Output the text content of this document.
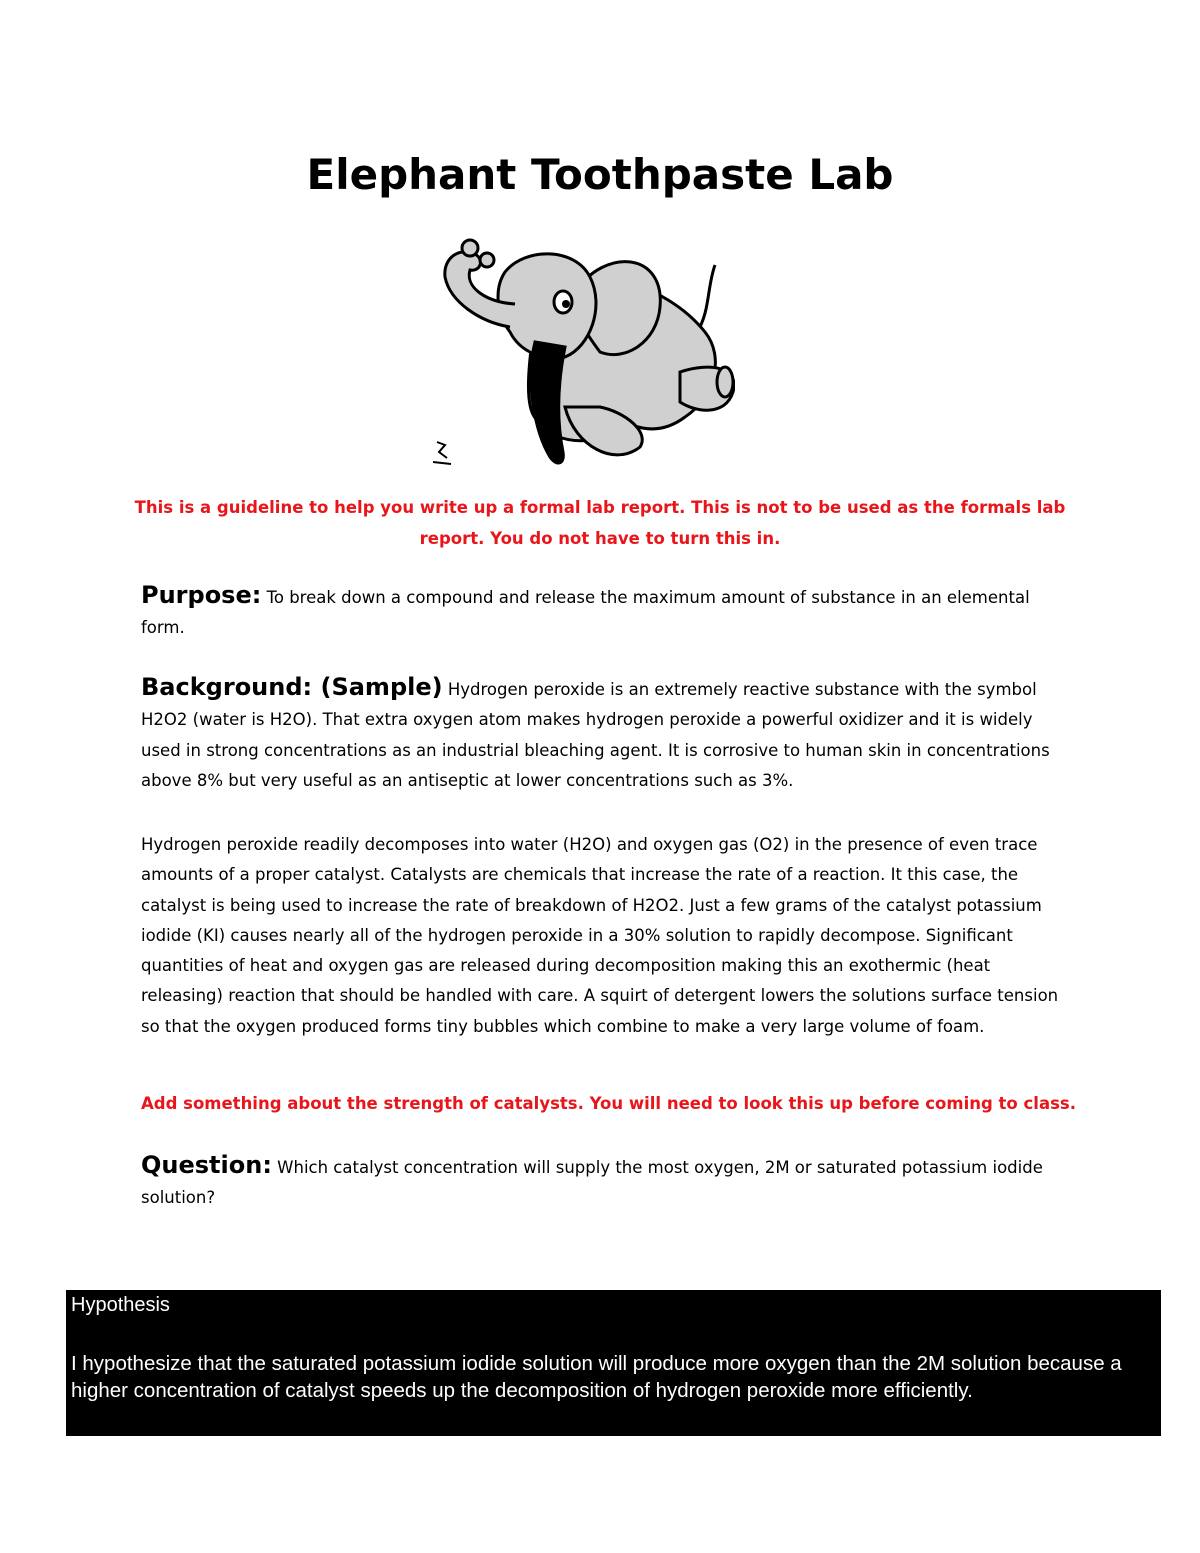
Elephant Toothpaste Lab

This is a guideline to help you write up a formal lab report. This is not to be used as the formals lab report. You do not have to turn this in.

Purpose: To break down a compound and release the maximum amount of substance in an elemental form.

Background: (Sample) Hydrogen peroxide is an extremely reactive substance with the symbol H2O2 (water is H2O). That extra oxygen atom makes hydrogen peroxide a powerful oxidizer and it is widely used in strong concentrations as an industrial bleaching agent. It is corrosive to human skin in concentrations above 8% but very useful as an antiseptic at lower concentrations such as 3%.

Hydrogen peroxide readily decomposes into water (H2O) and oxygen gas (O2) in the presence of even trace amounts of a proper catalyst. Catalysts are chemicals that increase the rate of a reaction. It this case, the catalyst is being used to increase the rate of breakdown of H2O2. Just a few grams of the catalyst potassium iodide (KI) causes nearly all of the hydrogen peroxide in a 30% solution to rapidly decompose. Significant quantities of heat and oxygen gas are released during decomposition making this an exothermic (heat releasing) reaction that should be handled with care. A squirt of detergent lowers the solutions surface tension so that the oxygen produced forms tiny bubbles which combine to make a very large volume of foam.

Add something about the strength of catalysts. You will need to look this up before coming to class.

Question: Which catalyst concentration will supply the most oxygen, 2M or saturated potassium iodide solution?

Hypothesis

I hypothesize that the saturated potassium iodide solution will produce more oxygen than the 2M solution because a higher concentration of catalyst speeds up the decomposition of hydrogen peroxide more efficiently.
